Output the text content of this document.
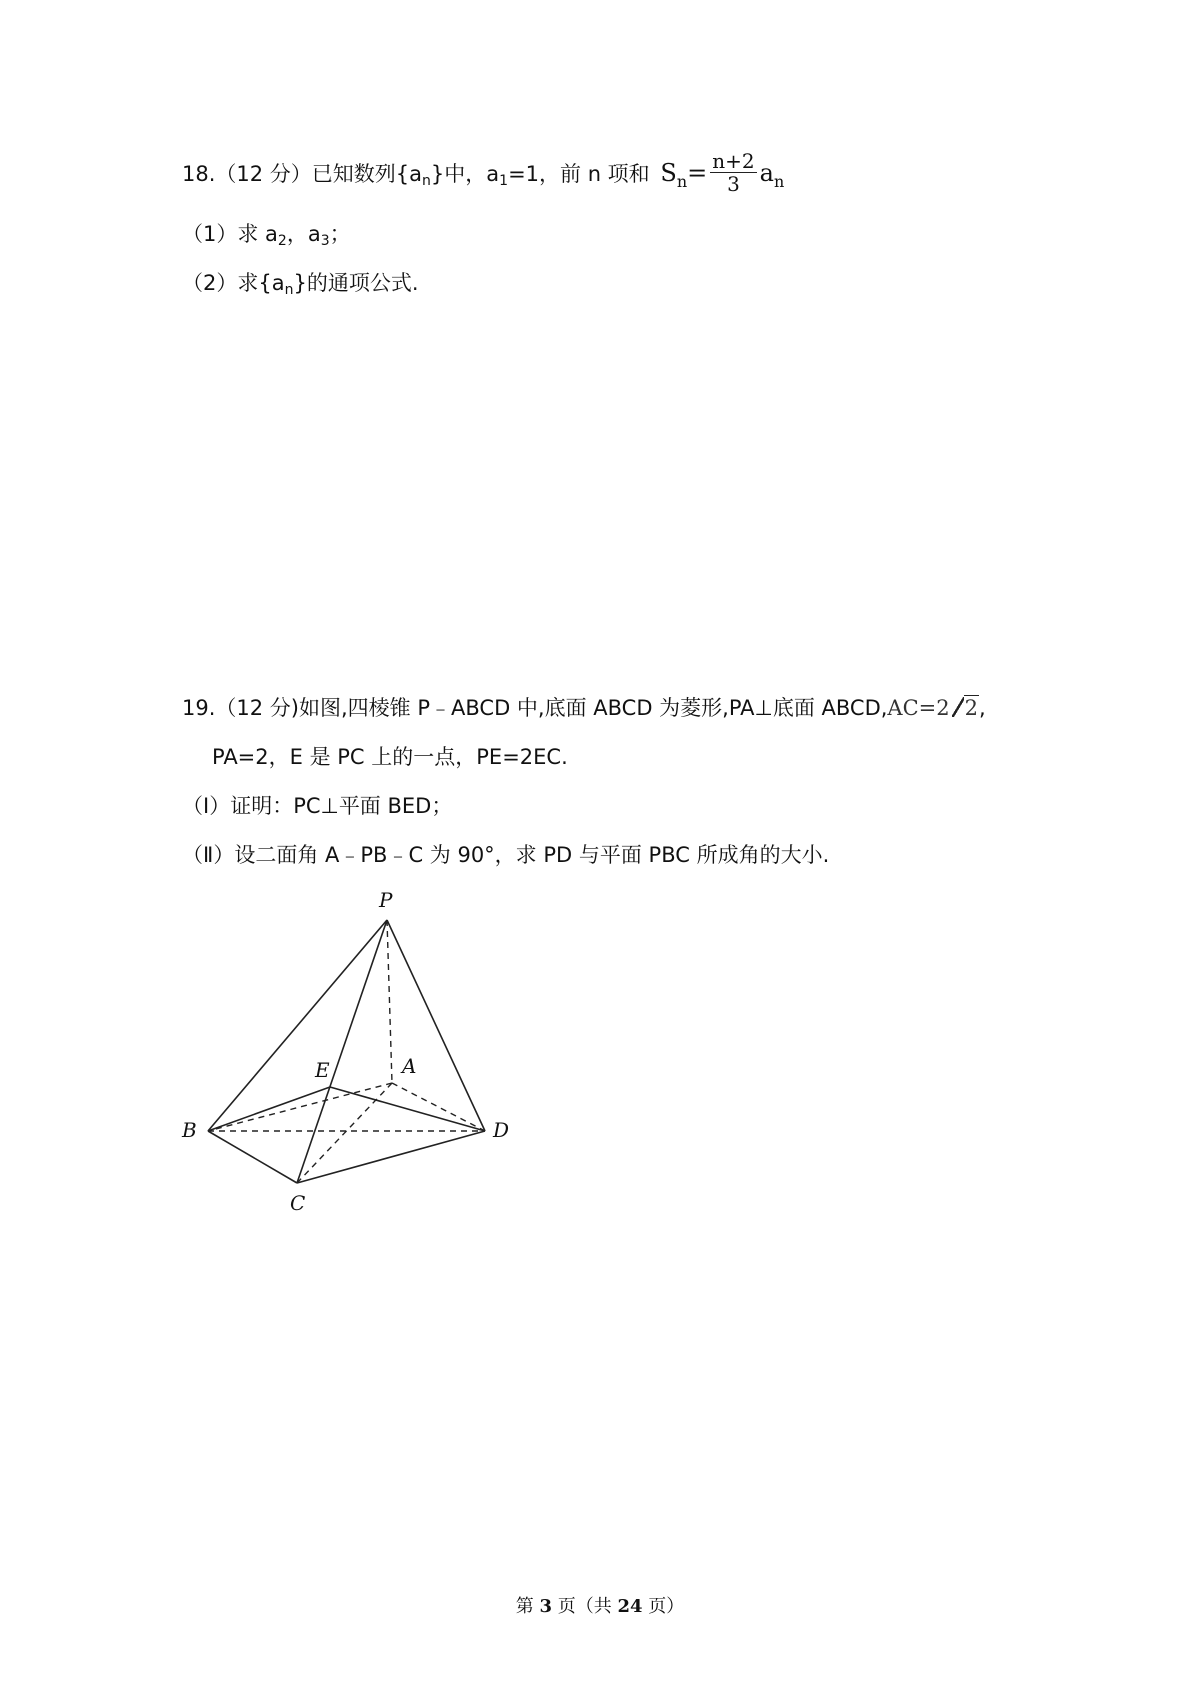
18.（12 分）已知数列$\{a_n\}$中，$a_1=1$，前 n 项和 $S_n= \frac{n+2}{3} a_n$
（1）求 $a_2$，$a_3$；
（2）求$\{a_n\}$的通项公式.
19.（12 分)如图,四棱锥 P﹣ABCD 中,底面 ABCD 为菱形,PA⊥底面 ABCD,AC=2 2,
PA=2，E 是 PC 上的一点，PE=2EC.
（Ⅰ）证明：PC⊥平面 BED；
（Ⅱ）设二面角 A﹣PB﹣C 为 90°，求 PD 与平面 PBC 所成角的大小.
P
A
E
B	D
C
第 3 页（共 24 页）
